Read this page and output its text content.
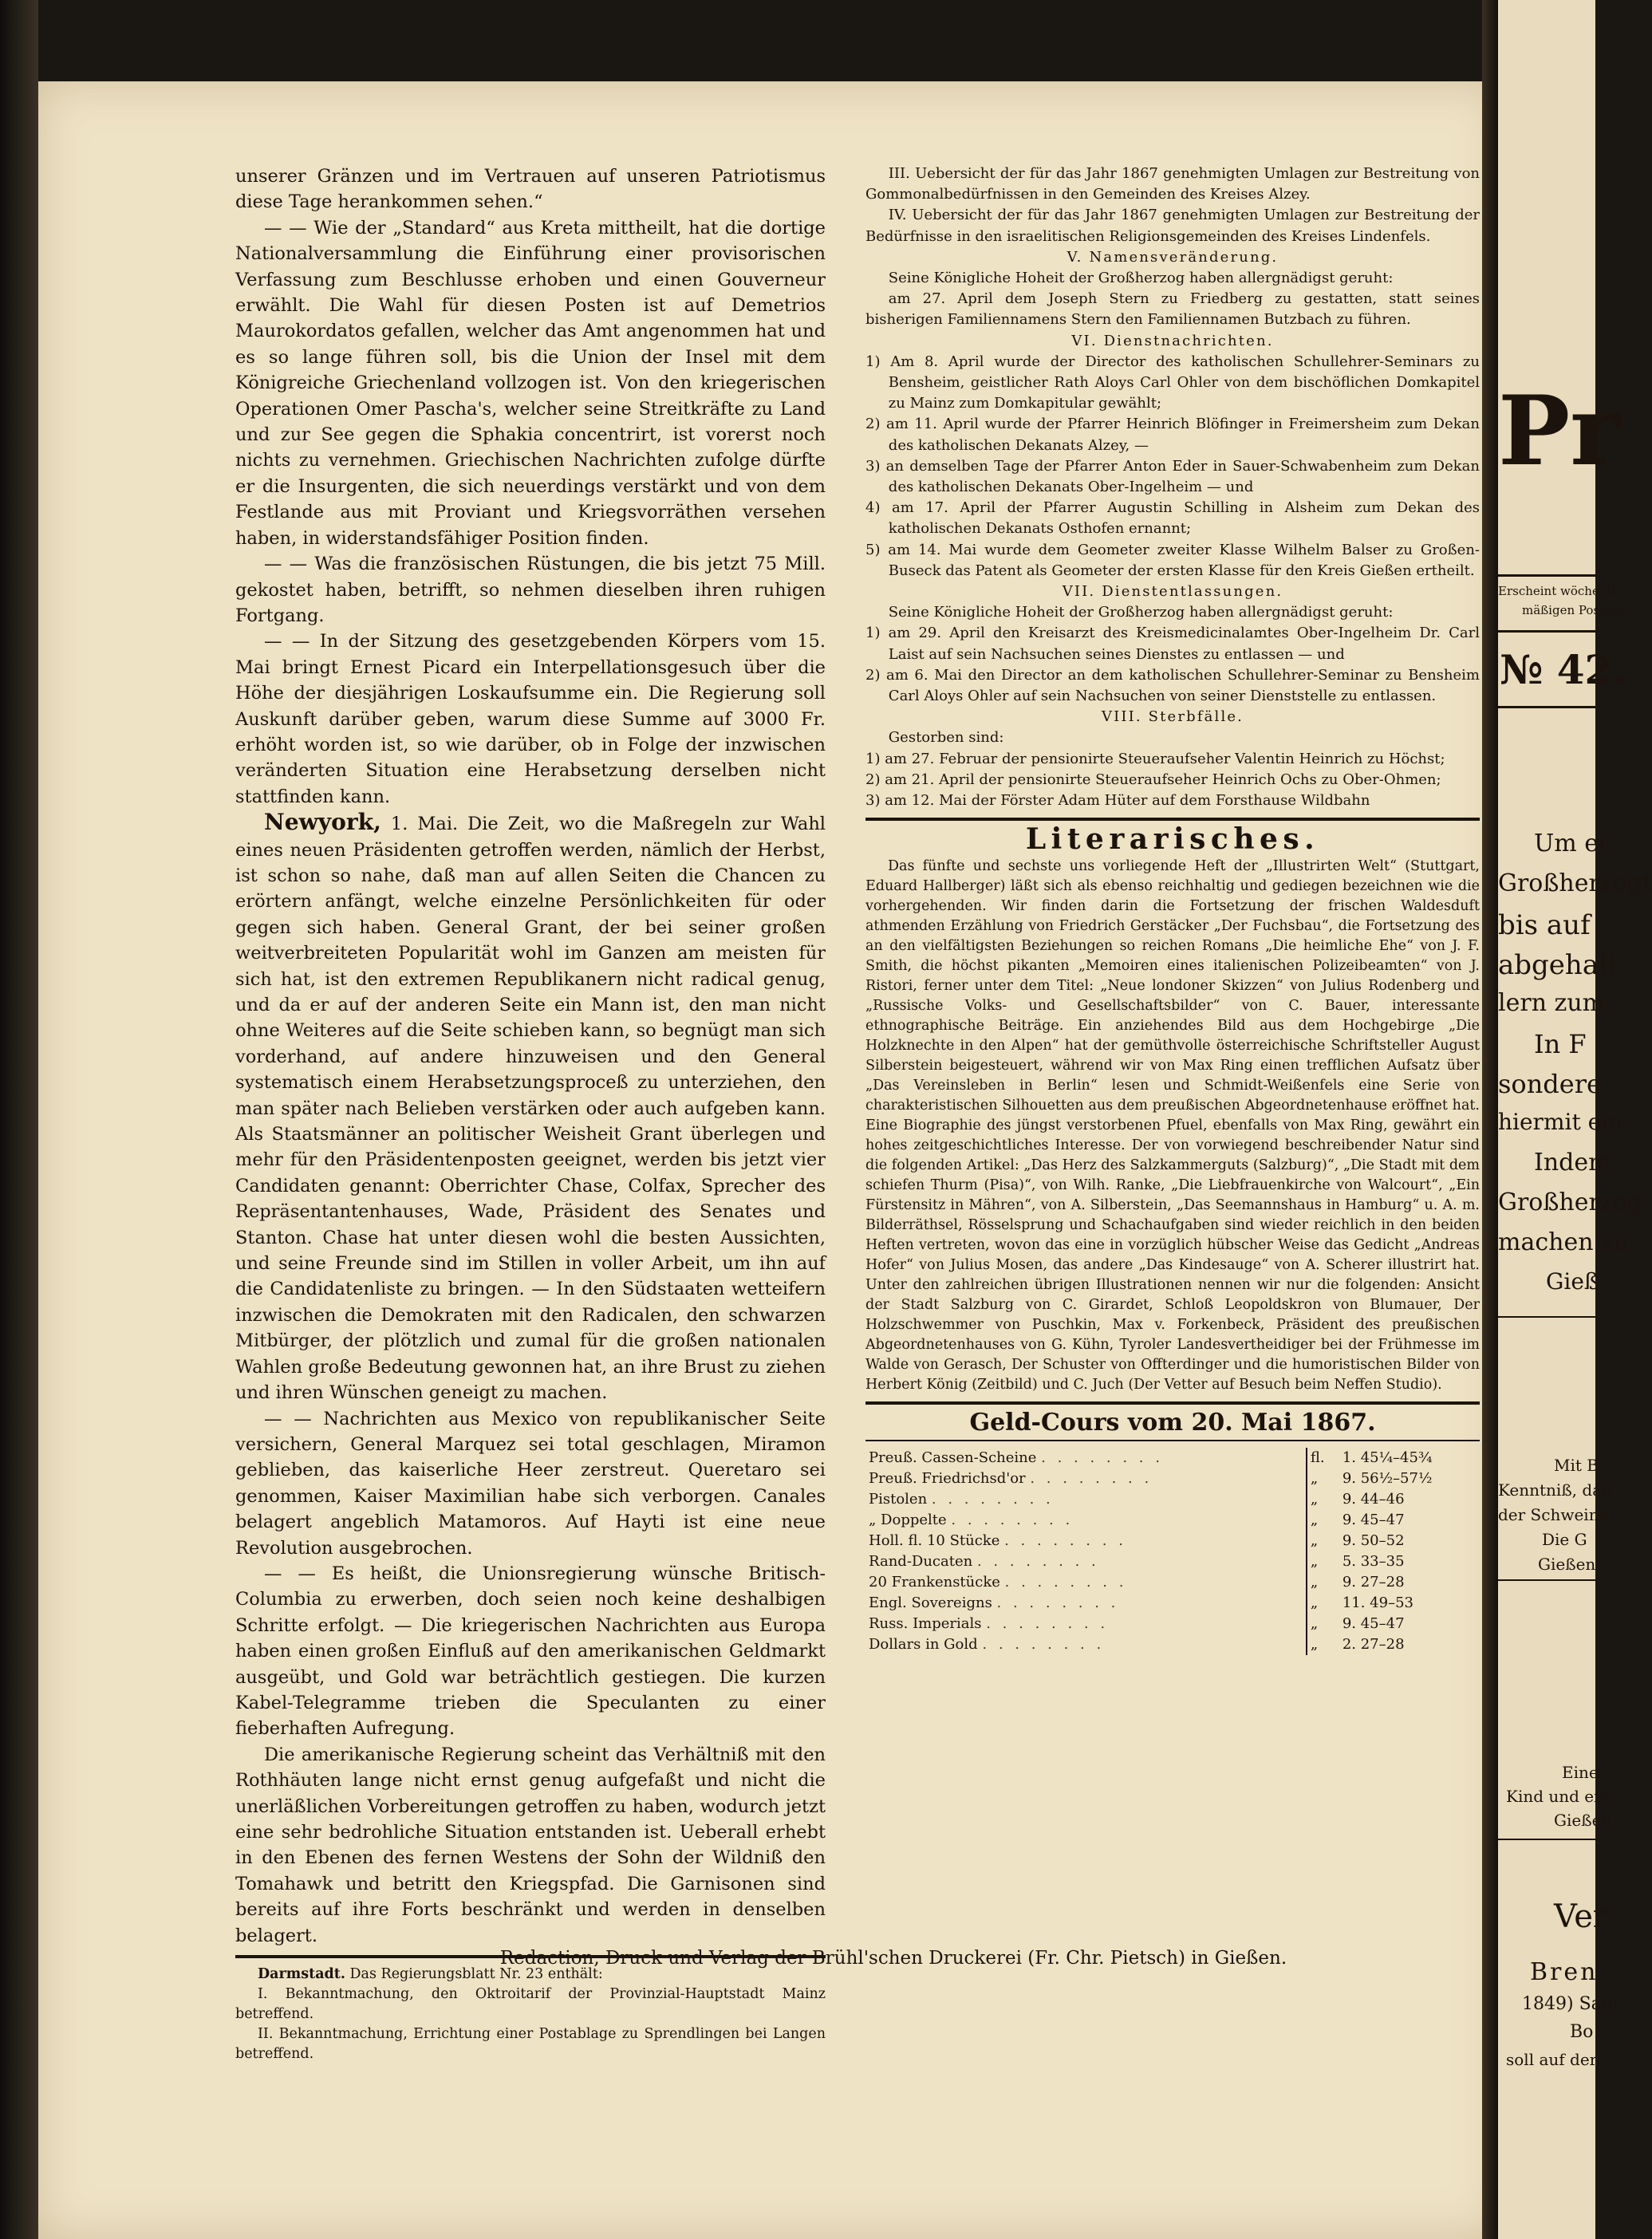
unserer Gränzen und im Vertrauen auf unseren Patriotismus diese Tage herankommen sehen.“

— — Wie der „Standard“ aus Kreta mittheilt, hat die dortige Nationalversammlung die Einführung einer provisorischen Verfassung zum Beschlusse erhoben und einen Gouverneur erwählt. Die Wahl für diesen Posten ist auf Demetrios Maurokordatos gefallen, welcher das Amt angenommen hat und es so lange führen soll, bis die Union der Insel mit dem Königreiche Griechenland vollzogen ist. Von den kriegerischen Operationen Omer Pascha's, welcher seine Streitkräfte zu Land und zur See gegen die Sphakia concentrirt, ist vorerst noch nichts zu vernehmen. Griechischen Nachrichten zufolge dürfte er die Insurgenten, die sich neuerdings verstärkt und von dem Festlande aus mit Proviant und Kriegsvorräthen versehen haben, in widerstandsfähiger Position finden.

— — Was die französischen Rüstungen, die bis jetzt 75 Mill. gekostet haben, betrifft, so nehmen dieselben ihren ruhigen Fortgang.

— — In der Sitzung des gesetzgebenden Körpers vom 15. Mai bringt Ernest Picard ein Interpellationsgesuch über die Höhe der diesjährigen Loskaufsumme ein. Die Regierung soll Auskunft darüber geben, warum diese Summe auf 3000 Fr. erhöht worden ist, so wie darüber, ob in Folge der inzwischen veränderten Situation eine Herabsetzung derselben nicht stattfinden kann.

Newyork, 1. Mai. Die Zeit, wo die Maßregeln zur Wahl eines neuen Präsidenten getroffen werden, nämlich der Herbst, ist schon so nahe, daß man auf allen Seiten die Chancen zu erörtern anfängt, welche einzelne Persönlichkeiten für oder gegen sich haben. General Grant, der bei seiner großen weitverbreiteten Popularität wohl im Ganzen am meisten für sich hat, ist den extremen Republikanern nicht radical genug, und da er auf der anderen Seite ein Mann ist, den man nicht ohne Weiteres auf die Seite schieben kann, so begnügt man sich vorderhand, auf andere hinzuweisen und den General systematisch einem Herabsetzungsproceß zu unterziehen, den man später nach Belieben verstärken oder auch aufgeben kann. Als Staatsmänner an politischer Weisheit Grant überlegen und mehr für den Präsidentenposten geeignet, werden bis jetzt vier Candidaten genannt: Oberrichter Chase, Colfax, Sprecher des Repräsentantenhauses, Wade, Präsident des Senates und Stanton. Chase hat unter diesen wohl die besten Aussichten, und seine Freunde sind im Stillen in voller Arbeit, um ihn auf die Candidatenliste zu bringen. — In den Südstaaten wetteifern inzwischen die Demokraten mit den Radicalen, den schwarzen Mitbürger, der plötzlich und zumal für die großen nationalen Wahlen große Bedeutung gewonnen hat, an ihre Brust zu ziehen und ihren Wünschen geneigt zu machen.

— — Nachrichten aus Mexico von republikanischer Seite versichern, General Marquez sei total geschlagen, Miramon geblieben, das kaiserliche Heer zerstreut. Queretaro sei genommen, Kaiser Maximilian habe sich verborgen. Canales belagert angeblich Matamoros. Auf Hayti ist eine neue Revolution ausgebrochen.

— — Es heißt, die Unionsregierung wünsche Britisch-Columbia zu erwerben, doch seien noch keine deshalbigen Schritte erfolgt. — Die kriegerischen Nachrichten aus Europa haben einen großen Einfluß auf den amerikanischen Geldmarkt ausgeübt, und Gold war beträchtlich gestiegen. Die kurzen Kabel-Telegramme trieben die Speculanten zu einer fieberhaften Aufregung.

Die amerikanische Regierung scheint das Verhältniß mit den Rothhäuten lange nicht ernst genug aufgefaßt und nicht die unerläßlichen Vorbereitungen getroffen zu haben, wodurch jetzt eine sehr bedrohliche Situation entstanden ist. Ueberall erhebt in den Ebenen des fernen Westens der Sohn der Wildniß den Tomahawk und betritt den Kriegspfad. Die Garnisonen sind bereits auf ihre Forts beschränkt und werden in denselben belagert.

Darmstadt. Das Regierungsblatt Nr. 23 enthält:

I. Bekanntmachung, den Oktroitarif der Provinzial-Hauptstadt Mainz betreffend.

II. Bekanntmachung, Errichtung einer Postablage zu Sprendlingen bei Langen betreffend.

III. Uebersicht der für das Jahr 1867 genehmigten Umlagen zur Bestreitung von Gommonalbedürfnissen in den Gemeinden des Kreises Alzey.

IV. Uebersicht der für das Jahr 1867 genehmigten Umlagen zur Bestreitung der Bedürfnisse in den israelitischen Religionsgemeinden des Kreises Lindenfels.

V. Namensveränderung.

Seine Königliche Hoheit der Großherzog haben allergnädigst geruht:

am 27. April dem Joseph Stern zu Friedberg zu gestatten, statt seines bisherigen Familiennamens Stern den Familiennamen Butzbach zu führen.

VI. Dienstnachrichten.

1) Am 8. April wurde der Director des katholischen Schullehrer-Seminars zu Bensheim, geistlicher Rath Aloys Carl Ohler von dem bischöflichen Domkapitel zu Mainz zum Domkapitular gewählt;

2) am 11. April wurde der Pfarrer Heinrich Blöfinger in Freimersheim zum Dekan des katholischen Dekanats Alzey, —

3) an demselben Tage der Pfarrer Anton Eder in Sauer-Schwabenheim zum Dekan des katholischen Dekanats Ober-Ingelheim — und

4) am 17. April der Pfarrer Augustin Schilling in Alsheim zum Dekan des katholischen Dekanats Osthofen ernannt;

5) am 14. Mai wurde dem Geometer zweiter Klasse Wilhelm Balser zu Großen-Buseck das Patent als Geometer der ersten Klasse für den Kreis Gießen ertheilt.

VII. Dienstentlassungen.

Seine Königliche Hoheit der Großherzog haben allergnädigst geruht:

1) am 29. April den Kreisarzt des Kreismedicinalamtes Ober-Ingelheim Dr. Carl Laist auf sein Nachsuchen seines Dienstes zu entlassen — und

2) am 6. Mai den Director an dem katholischen Schullehrer-Seminar zu Bensheim Carl Aloys Ohler auf sein Nachsuchen von seiner Dienststelle zu entlassen.

VIII. Sterbfälle.

Gestorben sind:

1) am 27. Februar der pensionirte Steueraufseher Valentin Heinrich zu Höchst;

2) am 21. April der pensionirte Steueraufseher Heinrich Ochs zu Ober-Ohmen;

3) am 12. Mai der Förster Adam Hüter auf dem Forsthause Wildbahn

Literarisches.

Das fünfte und sechste uns vorliegende Heft der „Illustrirten Welt“ (Stuttgart, Eduard Hallberger) läßt sich als ebenso reichhaltig und gediegen bezeichnen wie die vorhergehenden. Wir finden darin die Fortsetzung der frischen Waldesduft athmenden Erzählung von Friedrich Gerstäcker „Der Fuchsbau“, die Fortsetzung des an den vielfältigsten Beziehungen so reichen Romans „Die heimliche Ehe“ von J. F. Smith, die höchst pikanten „Memoiren eines italienischen Polizeibeamten“ von J. Ristori, ferner unter dem Titel: „Neue londoner Skizzen“ von Julius Rodenberg und „Russische Volks- und Gesellschaftsbilder“ von C. Bauer, interessante ethnographische Beiträge. Ein anziehendes Bild aus dem Hochgebirge „Die Holzknechte in den Alpen“ hat der gemüthvolle österreichische Schriftsteller August Silberstein beigesteuert, während wir von Max Ring einen trefflichen Aufsatz über „Das Vereinsleben in Berlin“ lesen und Schmidt-Weißenfels eine Serie von charakteristischen Silhouetten aus dem preußischen Abgeordnetenhause eröffnet hat. Eine Biographie des jüngst verstorbenen Pfuel, ebenfalls von Max Ring, gewährt ein hohes zeitgeschichtliches Interesse. Der von vorwiegend beschreibender Natur sind die folgenden Artikel: „Das Herz des Salzkammerguts (Salzburg)“, „Die Stadt mit dem schiefen Thurm (Pisa)“, von Wilh. Ranke, „Die Liebfrauenkirche von Walcourt“, „Ein Fürstensitz in Mähren“, von A. Silberstein, „Das Seemannshaus in Hamburg“ u. A. m. Bilderräthsel, Rösselsprung und Schachaufgaben sind wieder reichlich in den beiden Heften vertreten, wovon das eine in vorzüglich hübscher Weise das Gedicht „Andreas Hofer“ von Julius Mosen, das andere „Das Kindesauge“ von A. Scherer illustrirt hat. Unter den zahlreichen übrigen Illustrationen nennen wir nur die folgenden: Ansicht der Stadt Salzburg von C. Girardet, Schloß Leopoldskron von Blumauer, Der Holzschwemmer von Puschkin, Max v. Forkenbeck, Präsident des preußischen Abgeordnetenhauses von G. Kühn, Tyroler Landesvertheidiger bei der Frühmesse im Walde von Gerasch, Der Schuster von Offterdinger und die humoristischen Bilder von Herbert König (Zeitbild) und C. Juch (Der Vetter auf Besuch beim Neffen Studio).

Geld-Cours vom 20. Mai 1867.
Preuß. Cassen-Scheine . . . . . . . .	fl.	1. 45¼–45¾
Preuß. Friedrichsd'or . . . . . . . .	„	9. 56½–57½
Pistolen . . . . . . . .	„	9. 44–46
„ Doppelte . . . . . . . .	„	9. 45–47
Holl. fl. 10 Stücke . . . . . . . .	„	9. 50–52
Rand-Ducaten . . . . . . . .	„	5. 33–35
20 Frankenstücke . . . . . . . .	„	9. 27–28
Engl. Sovereigns . . . . . . . .	„	11. 49–53
Russ. Imperials . . . . . . . .	„	9. 45–47
Dollars in Gold . . . . . . . .	„	2. 27–28
Redaction, Druck und Verlag der Brühl'schen Druckerei (Fr. Chr. Pietsch) in Gießen.
Pr
Erscheint wöchentl
mäßigen Postauf
№ 42.
Um ei
Großherzogt
bis auf
abgehalt
lern zum
In F
sondere
hiermit ein
Indem
Großherzog
machen zu
Gieß
Mit B
Kenntniß, daß
der Schweine
Die G
Gießen
Eine
Kind und ein
Gießen
Ver
Bren
1849) Sam
Bo
soll auf der
